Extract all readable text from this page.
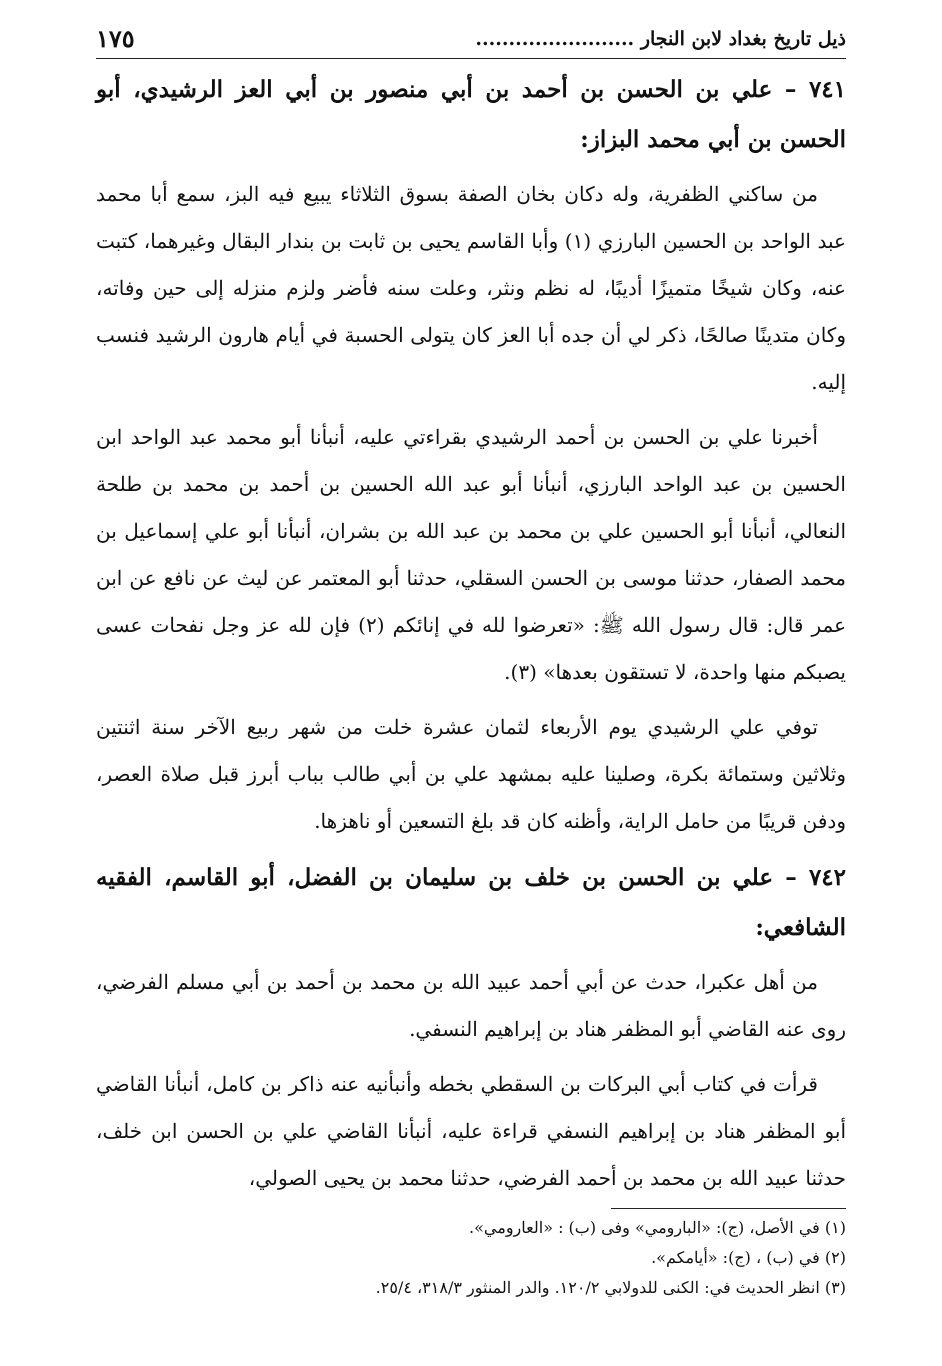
ذيل تاريخ بغداد لابن النجار ........................
١٧٥
٧٤١ – علي بن الحسن بن أحمد بن أبي منصور بن أبي العز الرشيدي، أبو الحسن بن أبي محمد البزاز:

من ساكني الظفرية، وله دكان بخان الصفة بسوق الثلاثاء يبيع فيه البز، سمع أبا محمد عبد الواحد بن الحسين البارزي (١) وأبا القاسم يحيى بن ثابت بن بندار البقال وغيرهما، كتبت عنه، وكان شيخًا متميزًا أديبًا، له نظم ونثر، وعلت سنه فأضر ولزم منزله إلى حين وفاته، وكان متدينًا صالحًا، ذكر لي أن جده أبا العز كان يتولى الحسبة في أيام هارون الرشيد فنسب إليه.

أخبرنا علي بن الحسن بن أحمد الرشيدي بقراءتي عليه، أنبأنا أبو محمد عبد الواحد ابن الحسين بن عبد الواحد البارزي، أنبأنا أبو عبد الله الحسين بن أحمد بن محمد بن طلحة النعالي، أنبأنا أبو الحسين علي بن محمد بن عبد الله بن بشران، أنبأنا أبو علي إسماعيل بن محمد الصفار، حدثنا موسى بن الحسن السقلي، حدثنا أبو المعتمر عن ليث عن نافع عن ابن عمر قال: قال رسول الله ﷺ: «تعرضوا لله في إنائكم (٢) فإن لله عز وجل نفحات عسى يصبكم منها واحدة، لا تستقون بعدها» (٣).

توفي علي الرشيدي يوم الأربعاء لثمان عشرة خلت من شهر ربيع الآخر سنة اثنتين وثلاثين وستمائة بكرة، وصلينا عليه بمشهد علي بن أبي طالب بباب أبرز قبل صلاة العصر، ودفن قريبًا من حامل الراية، وأظنه كان قد بلغ التسعين أو ناهزها.

٧٤٢ – علي بن الحسن بن خلف بن سليمان بن الفضل، أبو القاسم، الفقيه الشافعي:

من أهل عكبرا، حدث عن أبي أحمد عبيد الله بن محمد بن أحمد بن أبي مسلم الفرضي، روى عنه القاضي أبو المظفر هناد بن إبراهيم النسفي.

قرأت في كتاب أبي البركات بن السقطي بخطه وأنبأنيه عنه ذاكر بن كامل، أنبأنا القاضي أبو المظفر هناد بن إبراهيم النسفي قراءة عليه، أنبأنا القاضي علي بن الحسن ابن خلف، حدثنا عبيد الله بن محمد بن أحمد الفرضي، حدثنا محمد بن يحيى الصولي،

(١) في الأصل، (ج): «البارومي» وفى (ب) : «العارومي».
(٢) في (ب) ، (ج): «أيامكم».
(٣) انظر الحديث في: الكنى للدولابي ١٢٠/٢. والدر المنثور ٣١٨/٣، ٢٥/٤.
